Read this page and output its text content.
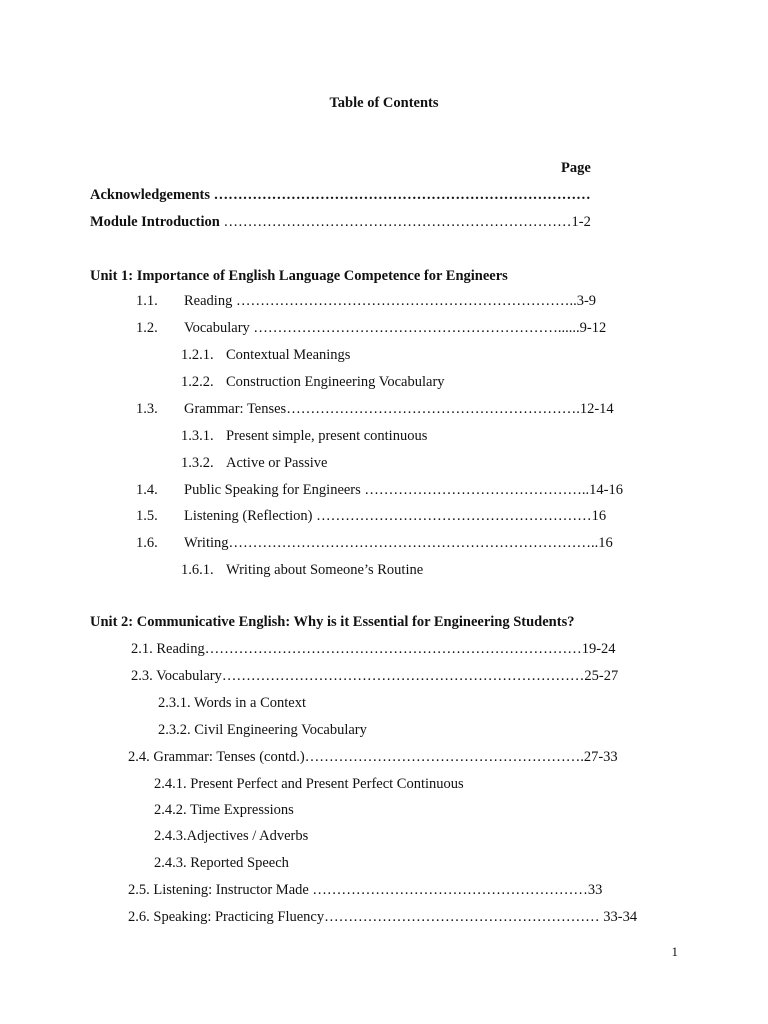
Table of Contents
Page
Acknowledgements ……………………………………………………………………
Module Introduction ………………………………………………………………1-2
Unit 1: Importance of English Language Competence for Engineers
1.1. Reading ……………………………………………………………..3-9
1.2. Vocabulary ………………………………………………………......9-12
1.2.1. Contextual Meanings
1.2.2. Construction Engineering Vocabulary
1.3. Grammar: Tenses…………………………………………………….12-14
1.3.1. Present simple, present continuous
1.3.2. Active or Passive
1.4. Public Speaking for Engineers ………………………………………..14-16
1.5. Listening (Reflection) …………………………………………………16
1.6. Writing…………………………………………………………………..16
1.6.1. Writing about Someone’s Routine
Unit 2: Communicative English: Why is it Essential for Engineering Students?
2.1. Reading……………………………………………………………………19-24
2.3. Vocabulary…………………………………………………………………25-27
2.3.1. Words in a Context
2.3.2. Civil Engineering Vocabulary
2.4. Grammar: Tenses (contd.)………………………………………………….27-33
2.4.1. Present Perfect and Present Perfect Continuous
2.4.2. Time Expressions
2.4.3.Adjectives / Adverbs
2.4.3. Reported Speech
2.5. Listening: Instructor Made …………………………………………………33
2.6. Speaking: Practicing Fluency………………………………………………… 33-34
1
